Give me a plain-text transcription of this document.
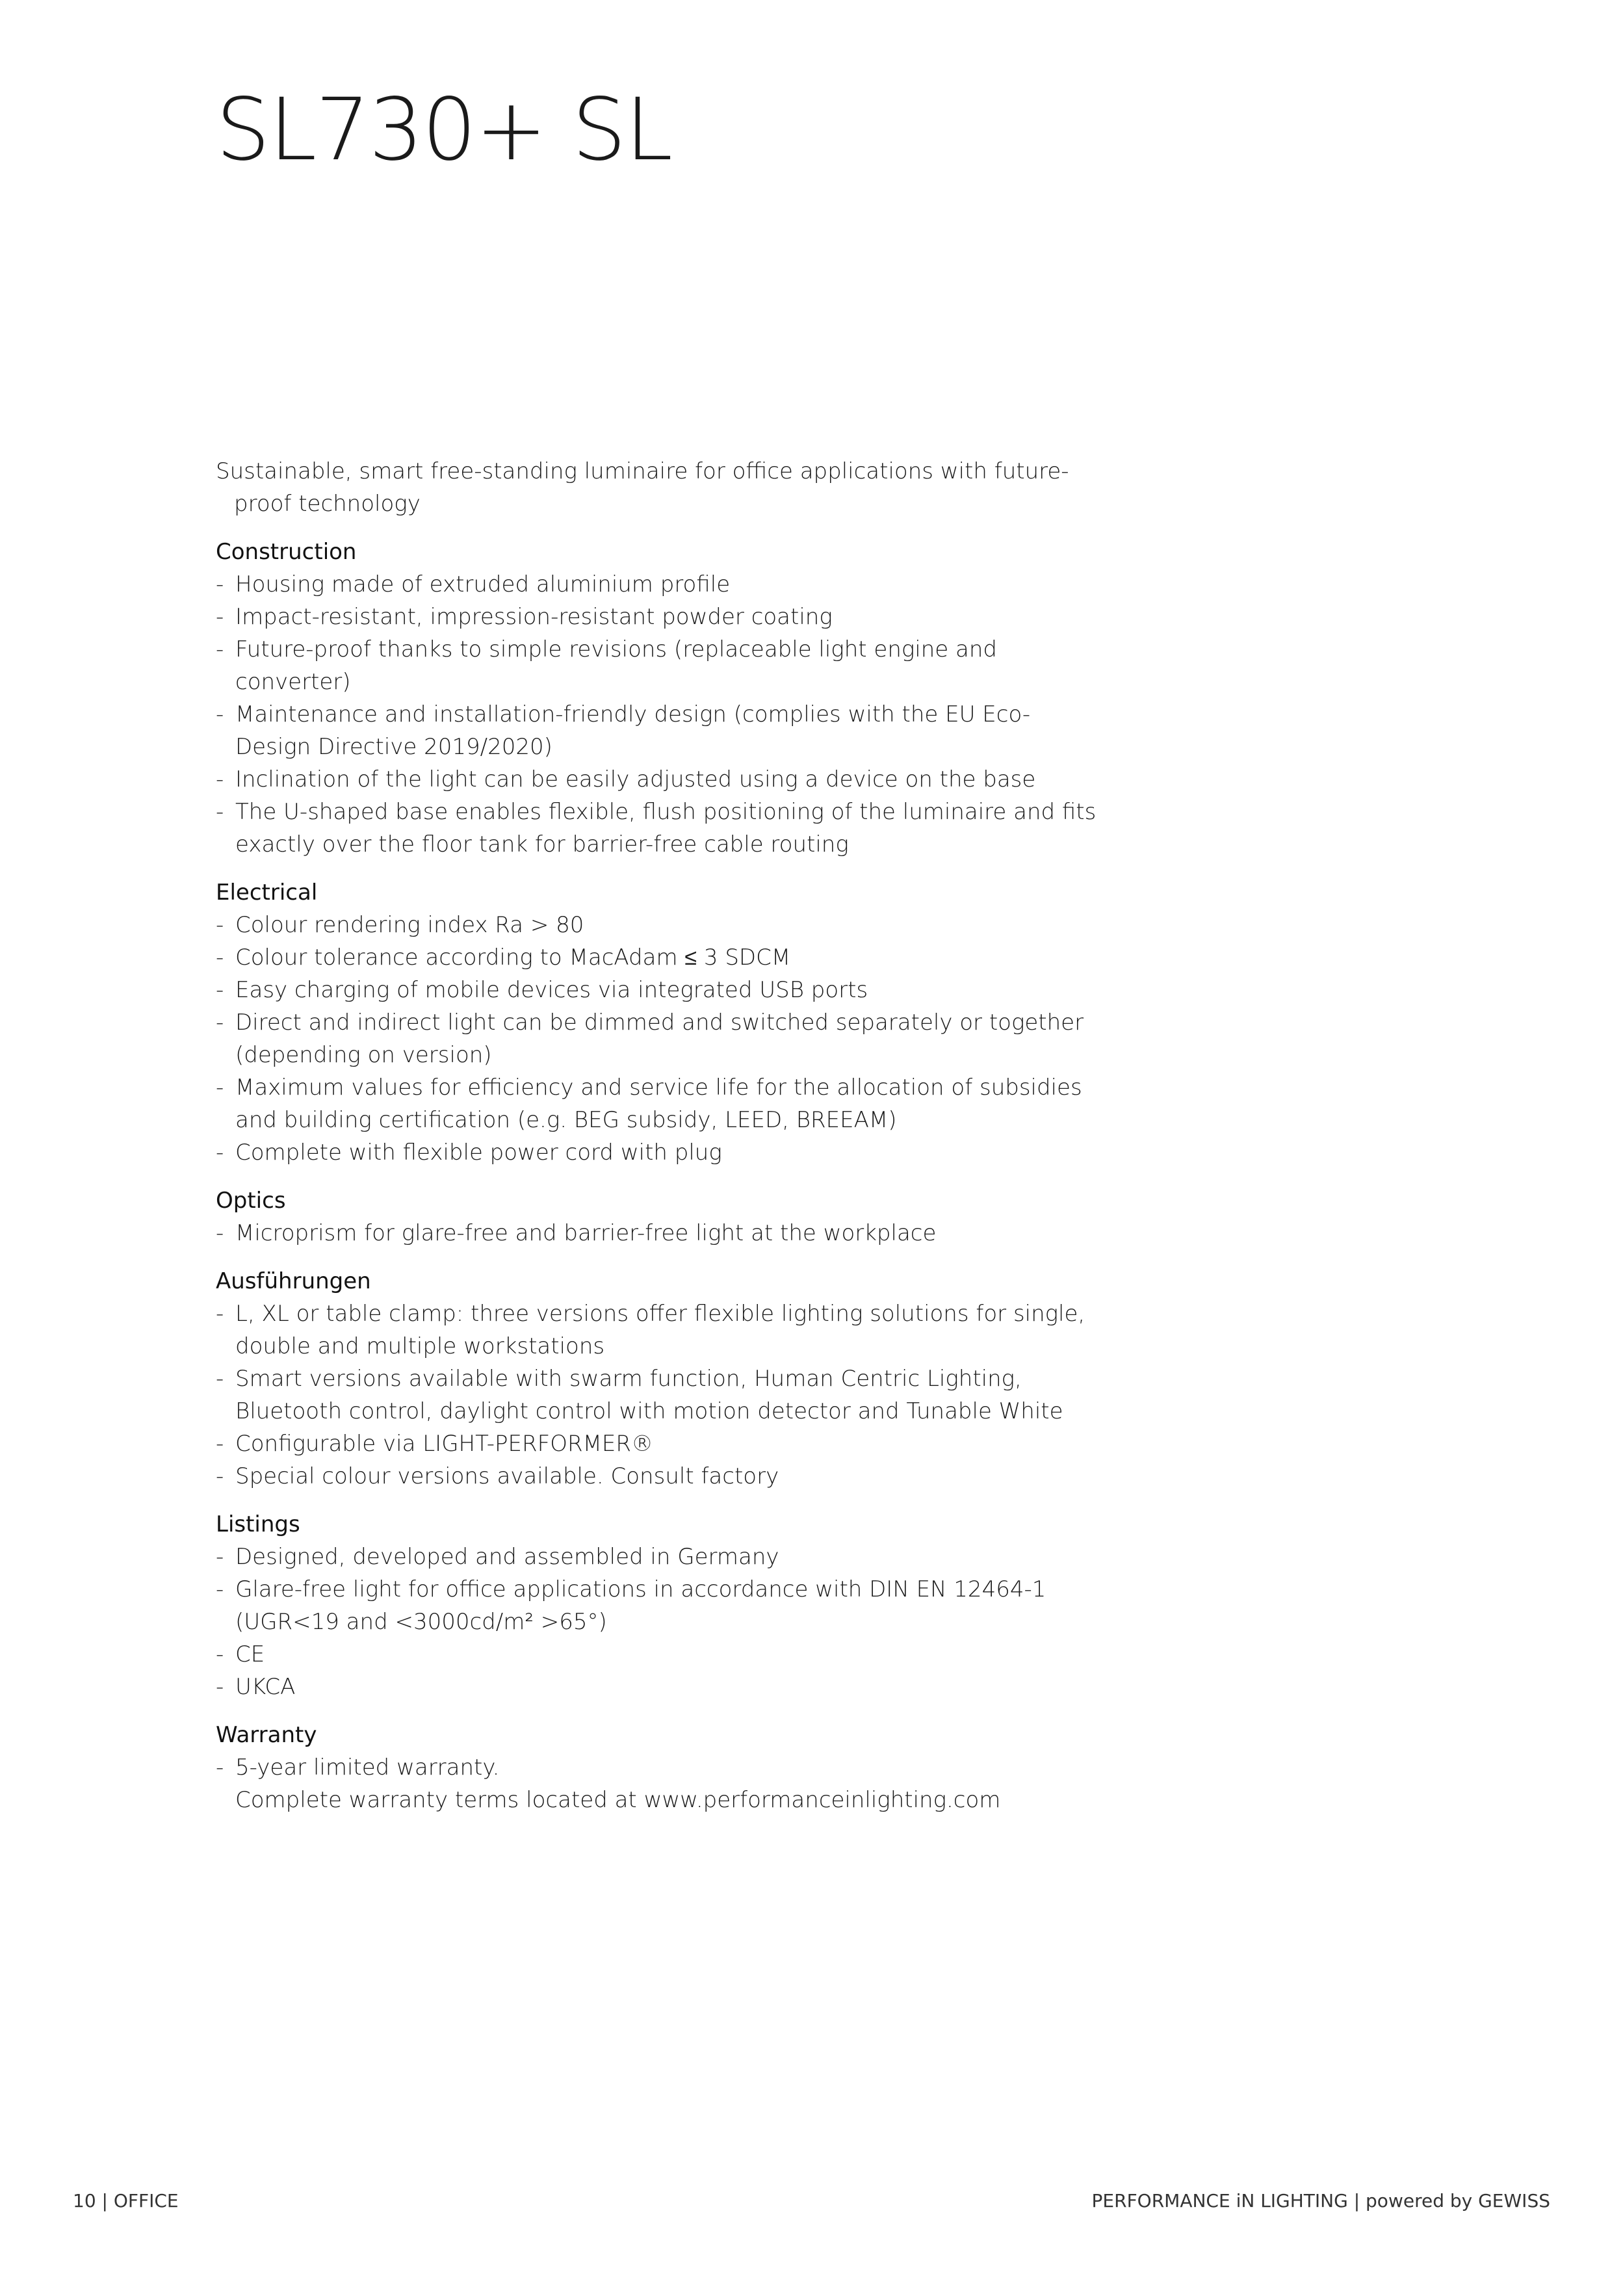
SL730+ SL

Sustainable, smart free-standing luminaire for office applications with future-
proof technology

Construction
- Housing made of extruded aluminium profile
- Impact-resistant, impression-resistant powder coating
- Future-proof thanks to simple revisions (replaceable light engine and
converter)
- Maintenance and installation-friendly design (complies with the EU Eco-
Design Directive 2019/2020)
- Inclination of the light can be easily adjusted using a device on the base
- The U-shaped base enables flexible, flush positioning of the luminaire and fits
exactly over the floor tank for barrier-free cable routing
Electrical
- Colour rendering index Ra > 80
- Colour tolerance according to MacAdam ≤ 3 SDCM
- Easy charging of mobile devices via integrated USB ports
- Direct and indirect light can be dimmed and switched separately or together
(depending on version)
- Maximum values for efficiency and service life for the allocation of subsidies
and building certification (e.g. BEG subsidy, LEED, BREEAM)
- Complete with flexible power cord with plug
Optics
- Microprism for glare-free and barrier-free light at the workplace
Ausführungen
- L, XL or table clamp: three versions offer flexible lighting solutions for single,
double and multiple workstations
- Smart versions available with swarm function, Human Centric Lighting,
Bluetooth control, daylight control with motion detector and Tunable White
- Configurable via LIGHT-PERFORMER®
- Special colour versions available. Consult factory
Listings
- Designed, developed and assembled in Germany
- Glare-free light for office applications in accordance with DIN EN 12464-1
(UGR<19 and <3000cd/m² >65°)
- CE
- UKCA
Warranty
- 5-year limited warranty.
Complete warranty terms located at www.performanceinlighting.com
10 | OFFICE	PERFORMANCE iN LIGHTING | powered by GEWISS
